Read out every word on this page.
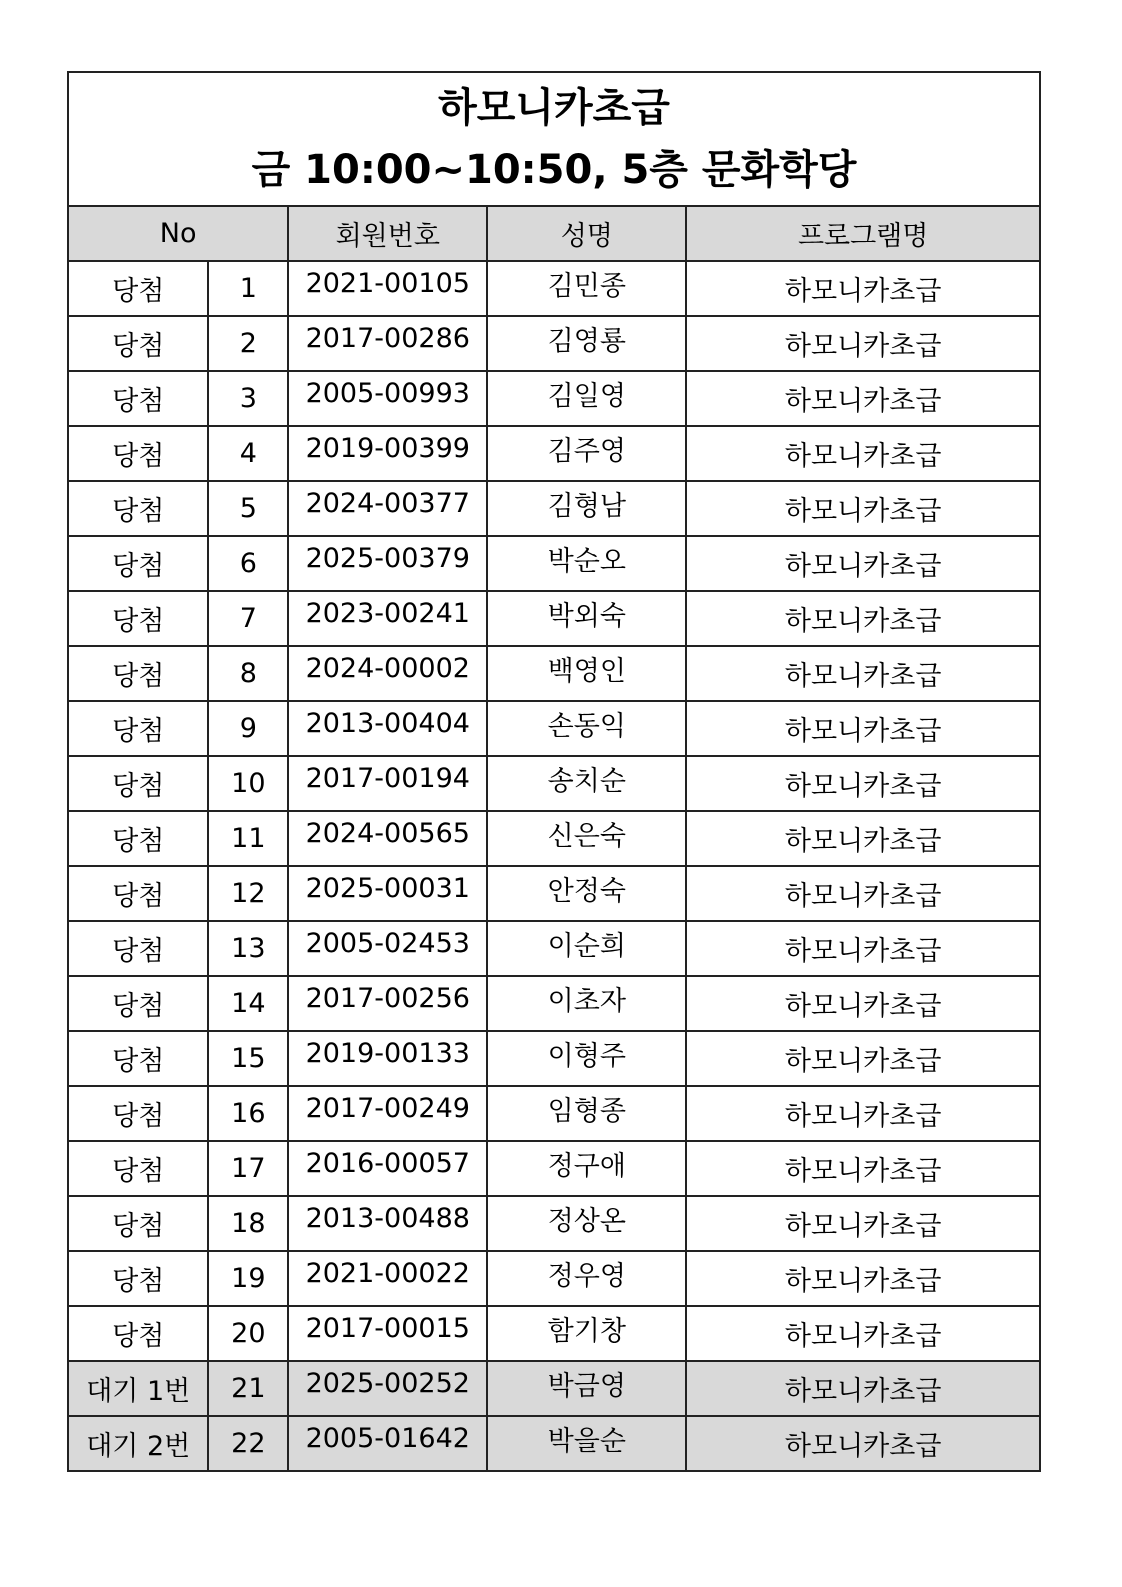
하모니카초급
금 10:00~10:50, 5층 문화학당				

No		회원번호	성명	프로그램명
당첨	1	2021-00105	김민종	하모니카초급
당첨	2	2017-00286	김영룡	하모니카초급
당첨	3	2005-00993	김일영	하모니카초급
당첨	4	2019-00399	김주영	하모니카초급
당첨	5	2024-00377	김형남	하모니카초급
당첨	6	2025-00379	박순오	하모니카초급
당첨	7	2023-00241	박외숙	하모니카초급
당첨	8	2024-00002	백영인	하모니카초급
당첨	9	2013-00404	손동익	하모니카초급
당첨	10	2017-00194	송치순	하모니카초급
당첨	11	2024-00565	신은숙	하모니카초급
당첨	12	2025-00031	안정숙	하모니카초급
당첨	13	2005-02453	이순희	하모니카초급
당첨	14	2017-00256	이초자	하모니카초급
당첨	15	2019-00133	이형주	하모니카초급
당첨	16	2017-00249	임형종	하모니카초급
당첨	17	2016-00057	정구애	하모니카초급
당첨	18	2013-00488	정상온	하모니카초급
당첨	19	2021-00022	정우영	하모니카초급
당첨	20	2017-00015	함기창	하모니카초급
대기 1번	21	2025-00252	박금영	하모니카초급
대기 2번	22	2005-01642	박을순	하모니카초급
